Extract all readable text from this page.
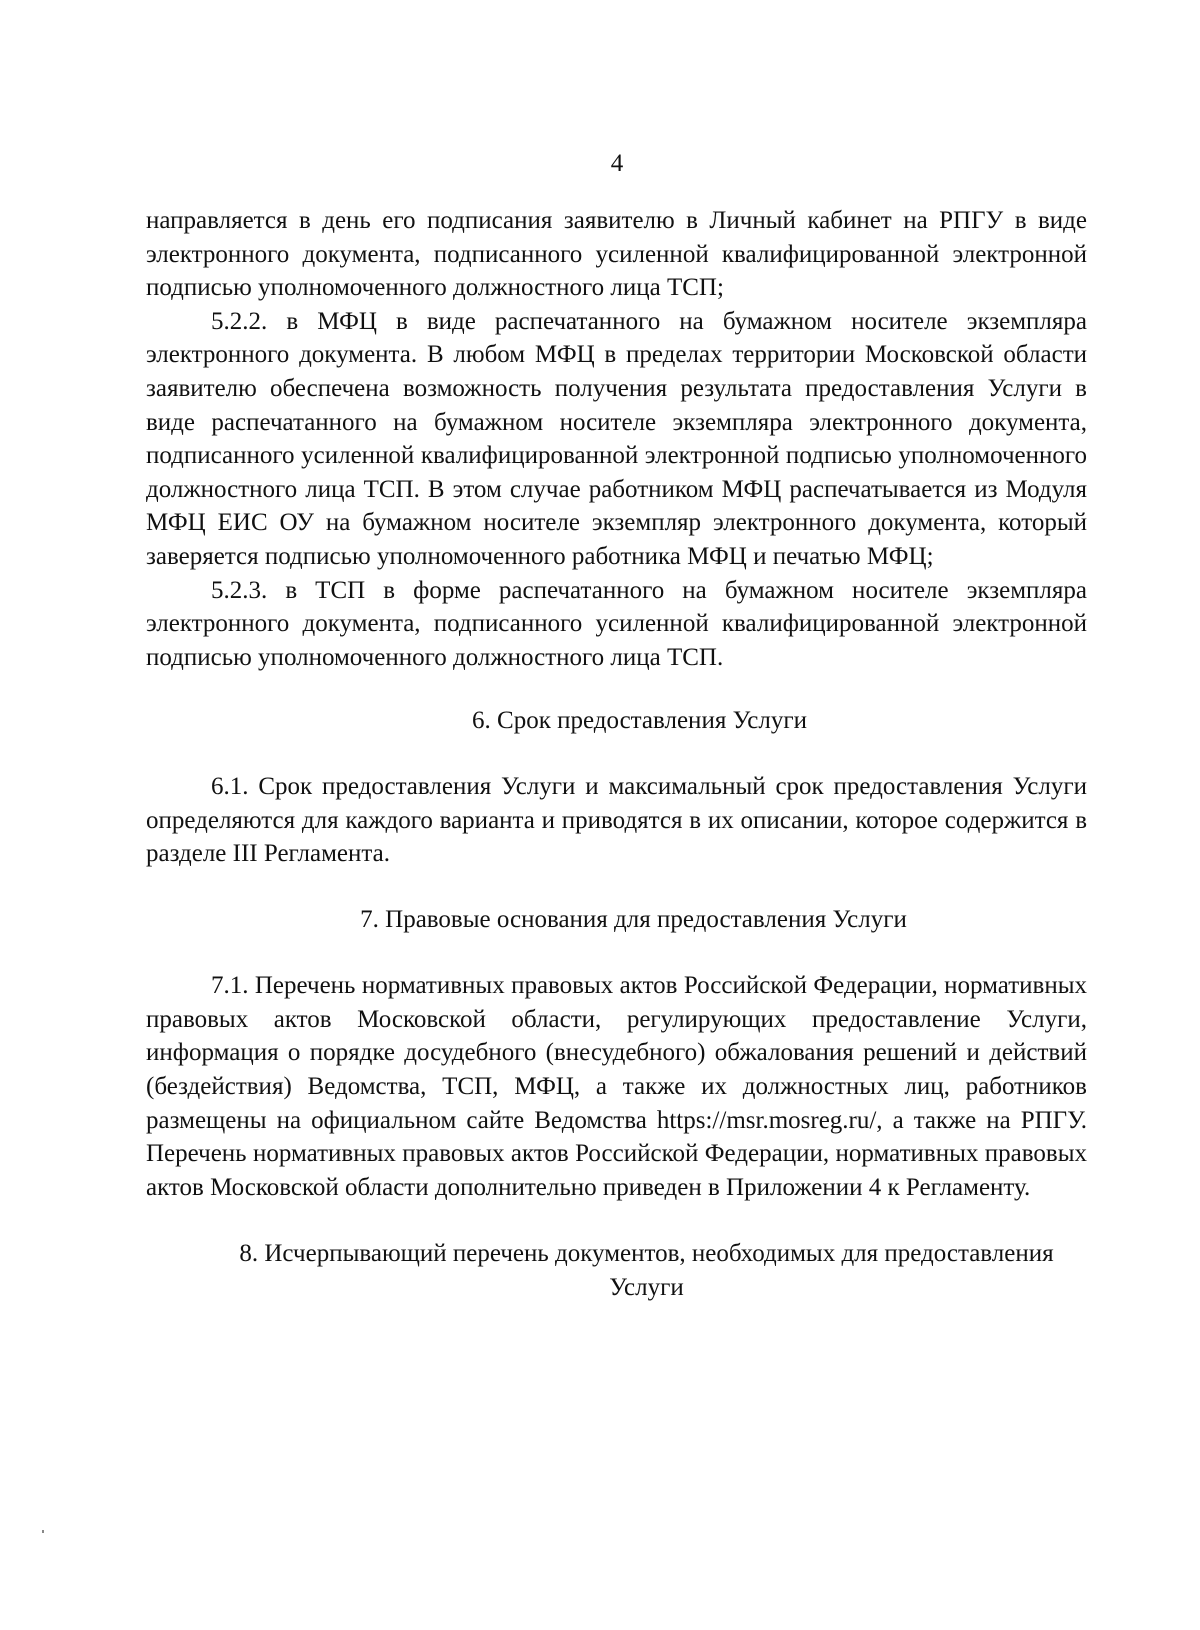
4

направляется в день его подписания заявителю в Личный кабинет на РПГУ в виде электронного документа, подписанного усиленной квалифицированной электронной подписью уполномоченного должностного лица ТСП;

5.2.2. в МФЦ в виде распечатанного на бумажном носителе экземпляра электронного документа. В любом МФЦ в пределах территории Московской области заявителю обеспечена возможность получения результата предоставления Услуги в виде распечатанного на бумажном носителе экземпляра электронного документа, подписанного усиленной квалифицированной электронной подписью уполномоченного должностного лица ТСП. В этом случае работником МФЦ распечатывается из Модуля МФЦ ЕИС ОУ на бумажном носителе экземпляр электронного документа, который заверяется подписью уполномоченного работника МФЦ и печатью МФЦ;

5.2.3. в ТСП в форме распечатанного на бумажном носителе экземпляра электронного документа, подписанного усиленной квалифицированной электронной подписью уполномоченного должностного лица ТСП.

6. Срок предоставления Услуги

6.1. Срок предоставления Услуги и максимальный срок предоставления Услуги определяются для каждого варианта и приводятся в их описании, которое содержится в разделе III Регламента.

7. Правовые основания для предоставления Услуги

7.1. Перечень нормативных правовых актов Российской Федерации, нормативных правовых актов Московской области, регулирующих предоставление Услуги, информация о порядке досудебного (внесудебного) обжалования решений и действий (бездействия) Ведомства, ТСП, МФЦ, а также их должностных лиц, работников размещены на официальном сайте Ведомства https://msr.mosreg.ru/, а также на РПГУ. Перечень нормативных правовых актов Российской Федерации, нормативных правовых актов Московской области дополнительно приведен в Приложении 4 к Регламенту.

8. Исчерпывающий перечень документов, необходимых для предоставления Услуги
